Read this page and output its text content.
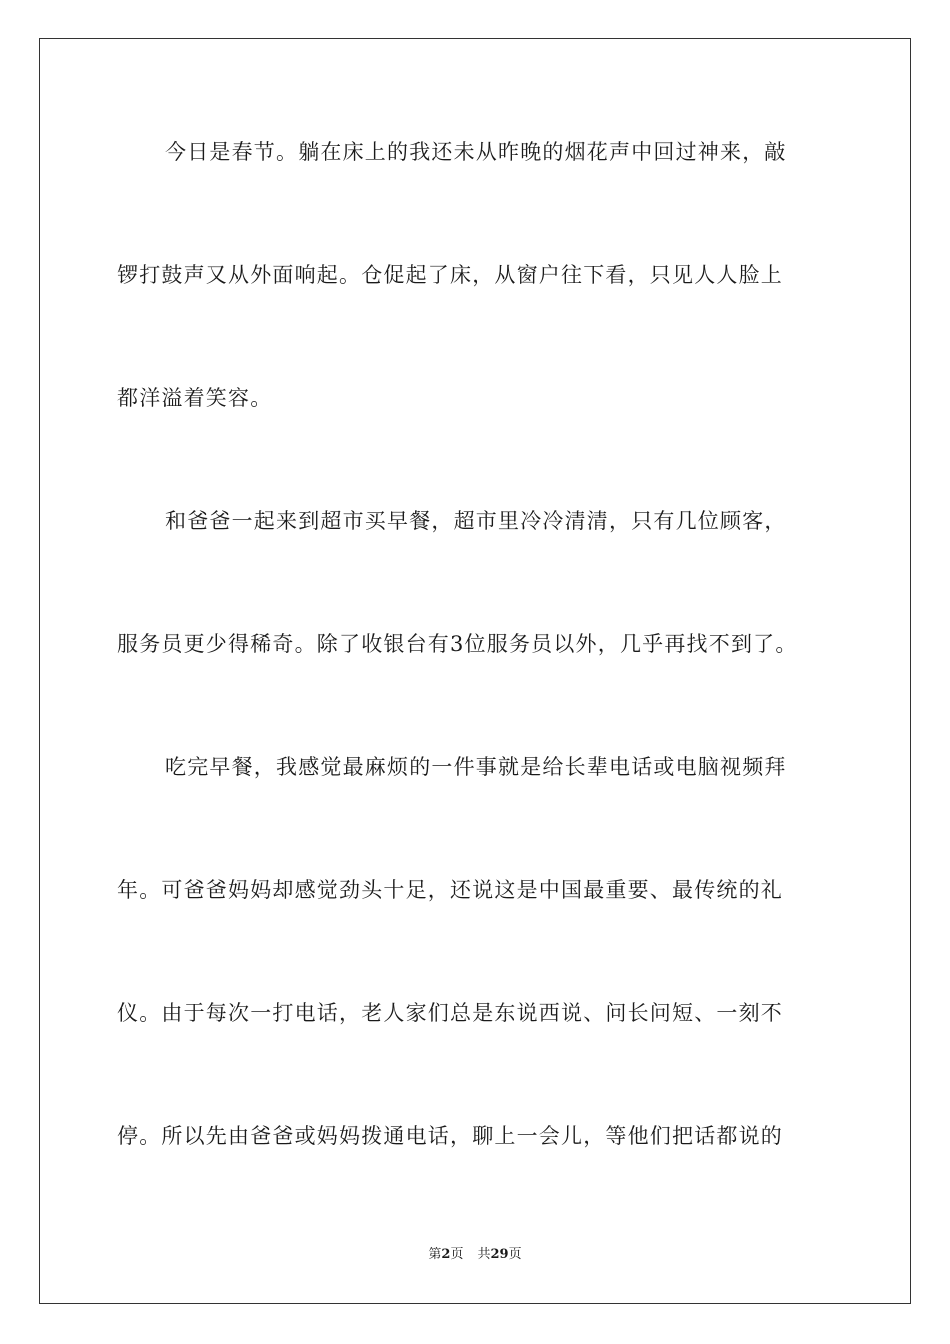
今日是春节。躺在床上的我还未从昨晚的烟花声中回过神来，敲

锣打鼓声又从外面响起。仓促起了床，从窗户往下看，只见人人脸上

都洋溢着笑容。

和爸爸一起来到超市买早餐，超市里冷冷清清，只有几位顾客，

服务员更少得稀奇。除了收银台有3位服务员以外，几乎再找不到了。

吃完早餐，我感觉最麻烦的一件事就是给长辈电话或电脑视频拜

年。可爸爸妈妈却感觉劲头十足，还说这是中国最重要、最传统的礼

仪。由于每次一打电话，老人家们总是东说西说、问长问短、一刻不

停。所以先由爸爸或妈妈拨通电话，聊上一会儿，等他们把话都说的

第2页 共29页
